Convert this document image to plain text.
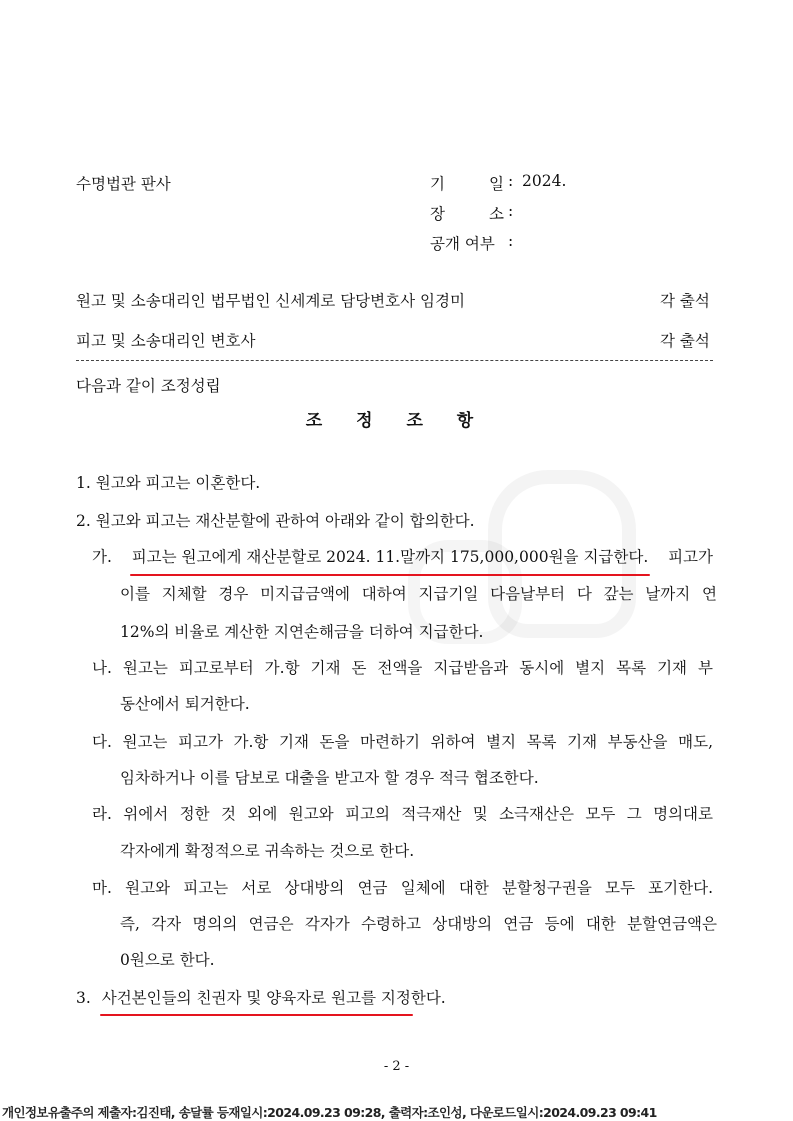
수명법관 판사	기	일 : 2024.
장	소 :
공개 여부 :
원고 및 소송대리인 법무법인 신세계로 담당변호사 임경미	각 출석
피고 및 소송대리인 변호사	각 출석
다음과 같이 조정성립
조 정 조 항
1. 원고와 피고는 이혼한다.
2. 원고와 피고는 재산분할에 관하여 아래와 같이 합의한다.
가. 피고는 원고에게 재산분할로 2024. 11.말까지 175,000,000원을 지급한다. 피고가
이를 지체할 경우 미지급금액에 대하여 지급기일 다음날부터 다 갚는 날까지 연
12%의 비율로 계산한 지연손해금을 더하여 지급한다.
나. 원고는 피고로부터 가.항 기재 돈 전액을 지급받음과 동시에 별지 목록 기재 부
동산에서 퇴거한다.
다. 원고는 피고가 가.항 기재 돈을 마련하기 위하여 별지 목록 기재 부동산을 매도,
임차하거나 이를 담보로 대출을 받고자 할 경우 적극 협조한다.
라. 위에서 정한 것 외에 원고와 피고의 적극재산 및 소극재산은 모두 그 명의대로
각자에게 확정적으로 귀속하는 것으로 한다.
마. 원고와 피고는 서로 상대방의 연금 일체에 대한 분할청구권을 모두 포기한다.
즉, 각자 명의의 연금은 각자가 수령하고 상대방의 연금 등에 대한 분할연금액은
0원으로 한다.
3. 사건본인들의 친권자 및 양육자로 원고를 지정한다.
- 2 -
개인정보유출주의 제출자:김진태, 송달률 등재일시:2024.09.23 09:28, 출력자:조인성, 다운로드일시:2024.09.23 09:41
